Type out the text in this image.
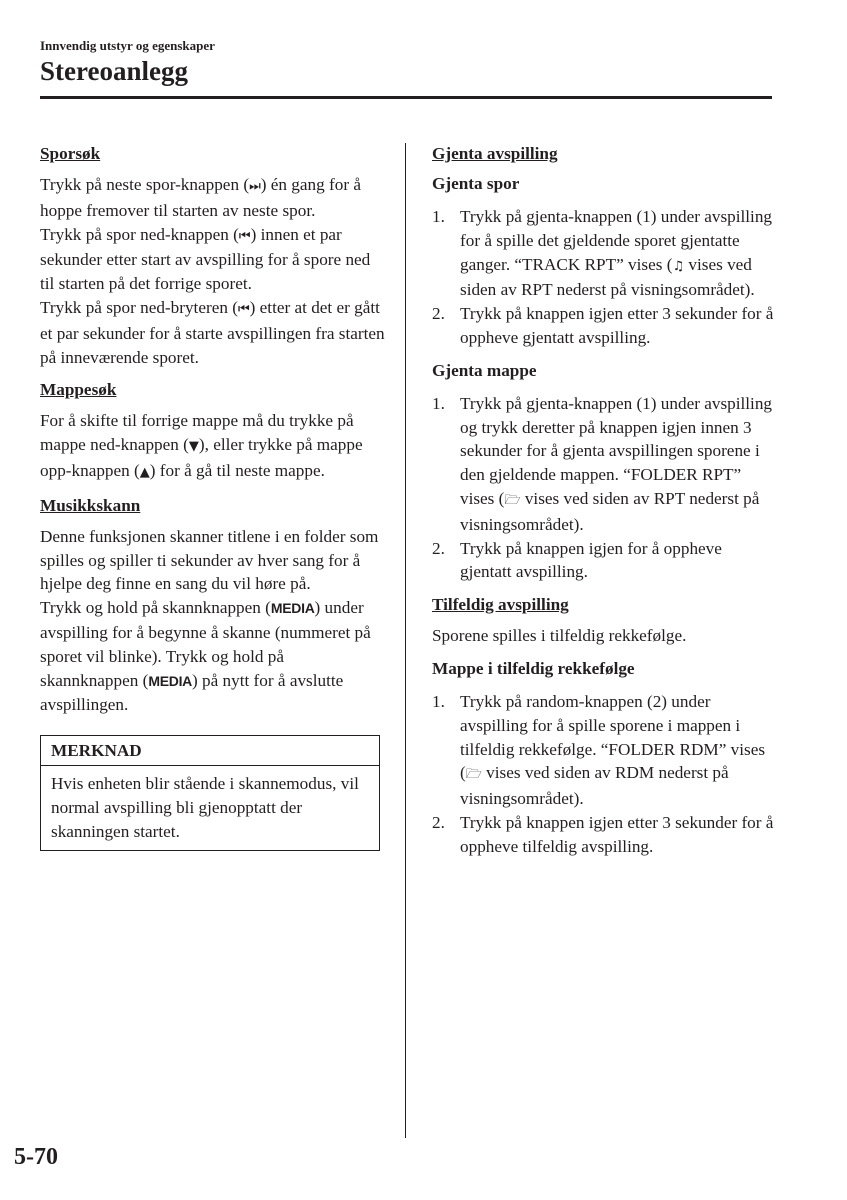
Innvendig utstyr og egenskaper
Stereoanlegg
Sporsøk
Trykk på neste spor-knappen (⏭) én gang for å hoppe fremover til starten av neste spor.
Trykk på spor ned-knappen (⏮) innen et par sekunder etter start av avspilling for å spore ned til starten på det forrige sporet.
Trykk på spor ned-bryteren (⏮) etter at det er gått et par sekunder for å starte avspillingen fra starten på inneværende sporet.
Mappesøk
For å skifte til forrige mappe må du trykke på mappe ned-knappen (▼), eller trykke på mappe opp-knappen (▲) for å gå til neste mappe.
Musikkskann
Denne funksjonen skanner titlene i en folder som spilles og spiller ti sekunder av hver sang for å hjelpe deg finne en sang du vil høre på.
Trykk og hold på skannknappen (MEDIA) under avspilling for å begynne å skanne (nummeret på sporet vil blinke). Trykk og hold på skannknappen (MEDIA) på nytt for å avslutte avspillingen.
MERKNAD
Hvis enheten blir stående i skannemodus, vil normal avspilling bli gjenopptatt der skanningen startet.
Gjenta avspilling
Gjenta spor
1. Trykk på gjenta-knappen (1) under avspilling for å spille det gjeldende sporet gjentatte ganger. “TRACK RPT” vises (♫ vises ved siden av RPT nederst på visningsområdet).
2. Trykk på knappen igjen etter 3 sekunder for å oppheve gjentatt avspilling.
Gjenta mappe
1. Trykk på gjenta-knappen (1) under avspilling og trykk deretter på knappen igjen innen 3 sekunder for å gjenta avspillingen sporene i den gjeldende mappen. “FOLDER RPT” vises (🗁 vises ved siden av RPT nederst på visningsområdet).
2. Trykk på knappen igjen for å oppheve gjentatt avspilling.
Tilfeldig avspilling
Sporene spilles i tilfeldig rekkefølge.
Mappe i tilfeldig rekkefølge
1. Trykk på random-knappen (2) under avspilling for å spille sporene i mappen i tilfeldig rekkefølge. “FOLDER RDM” vises (🗁 vises ved siden av RDM nederst på visningsområdet).
2. Trykk på knappen igjen etter 3 sekunder for å oppheve tilfeldig avspilling.
5-70
